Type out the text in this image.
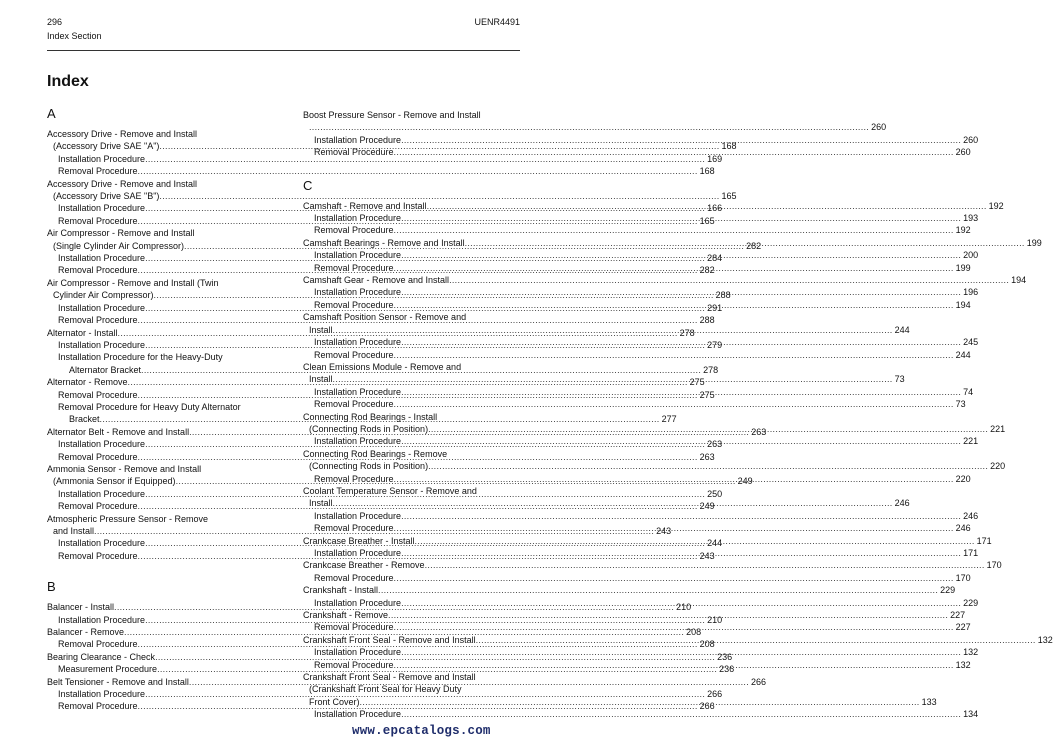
296	UENR4491
Index Section
Index
A
Accessory Drive - Remove and Install
(Accessory Drive SAE "A") .....	168
Installation Procedure .....	169
Removal Procedure .....	168
Accessory Drive - Remove and Install
(Accessory Drive SAE "B") .....	165
Installation Procedure .....	166
Removal Procedure .....	165
Air Compressor - Remove and Install
(Single Cylinder Air Compressor) .....	282
Installation Procedure .....	284
Removal Procedure .....	282
Air Compressor - Remove and Install (Twin
Cylinder Air Compressor) .....	288
Installation Procedure .....	291
Removal Procedure .....	288
Alternator - Install .....	278
Installation Procedure .....	279
Installation Procedure for the Heavy-Duty
Alternator Bracket .....	278
Alternator - Remove .....	275
Removal Procedure .....	275
Removal Procedure for Heavy Duty Alternator
Bracket .....	277
Alternator Belt - Remove and Install .....	263
Installation Procedure .....	263
Removal Procedure .....	263
Ammonia Sensor - Remove and Install
(Ammonia Sensor if Equipped) .....	249
Installation Procedure .....	250
Removal Procedure .....	249
Atmospheric Pressure Sensor - Remove
and Install .....	243
Installation Procedure .....	244
Removal Procedure .....	243
B
Balancer - Install .....	210
Installation Procedure .....	210
Balancer - Remove .....	208
Removal Procedure .....	208
Bearing Clearance - Check .....	236
Measurement Procedure .....	236
Belt Tensioner - Remove and Install .....	266
Installation Procedure .....	266
Removal Procedure .....	266
Boost Pressure Sensor - Remove and Install
.....
260
Installation Procedure .....	260
Removal Procedure .....	260
C
Camshaft - Remove and Install .....	192
Installation Procedure .....	193
Removal Procedure .....	192
Camshaft Bearings - Remove and Install .....	199
Installation Procedure .....	200
Removal Procedure .....	199
Camshaft Gear - Remove and Install .....	194
Installation Procedure .....	196
Removal Procedure .....	194
Camshaft Position Sensor - Remove and
Install .....	244
Installation Procedure .....	245
Removal Procedure .....	244
Clean Emissions Module - Remove and
Install .....	73
Installation Procedure .....	74
Removal Procedure .....	73
Connecting Rod Bearings - Install
(Connecting Rods in Position) .....	221
Installation Procedure .....	221
Connecting Rod Bearings - Remove
(Connecting Rods in Position) .....	220
Removal Procedure .....	220
Coolant Temperature Sensor - Remove and
Install .....	246
Installation Procedure .....	246
Removal Procedure .....	246
Crankcase Breather - Install .....	171
Installation Procedure .....	171
Crankcase Breather - Remove .....	170
Removal Procedure .....	170
Crankshaft - Install .....	229
Installation Procedure .....	229
Crankshaft - Remove .....	227
Removal Procedure .....	227
Crankshaft Front Seal - Remove and Install .....	132
Installation Procedure .....	132
Removal Procedure .....	132
Crankshaft Front Seal - Remove and Install
(Crankshaft Front Seal for Heavy Duty
Front Cover) .....	133
Installation Procedure .....	134
www.epcatalogs.com
